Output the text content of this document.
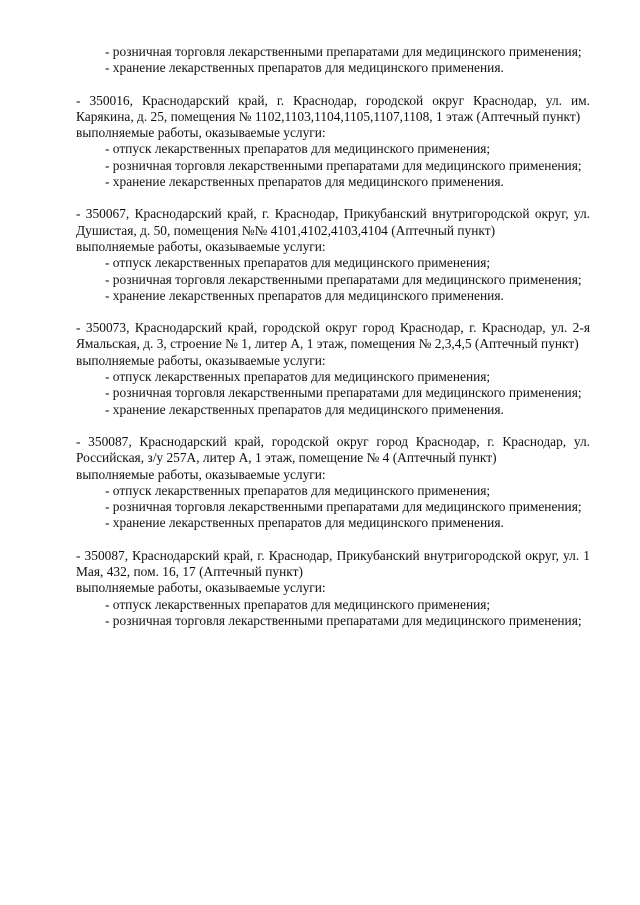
- розничная торговля лекарственными препаратами для медицинского применения;

- хранение лекарственных препаратов для медицинского применения.

- 350016, Краснодарский край, г. Краснодар, городской округ Краснодар, ул. им. Карякина, д. 25, помещения № 1102,1103,1104,1105,1107,1108, 1 этаж (Аптечный пункт)

выполняемые работы, оказываемые услуги:

- отпуск лекарственных препаратов для медицинского применения;

- розничная торговля лекарственными препаратами для медицинского применения;

- хранение лекарственных препаратов для медицинского применения.

- 350067, Краснодарский край, г. Краснодар, Прикубанский внутригородской округ, ул. Душистая, д. 50, помещения №№ 4101,4102,4103,4104 (Аптечный пункт)

выполняемые работы, оказываемые услуги:

- отпуск лекарственных препаратов для медицинского применения;

- розничная торговля лекарственными препаратами для медицинского применения;

- хранение лекарственных препаратов для медицинского применения.

- 350073, Краснодарский край, городской округ город Краснодар, г. Краснодар, ул. 2-я Ямальская, д. 3, строение № 1, литер А, 1 этаж, помещения № 2,3,4,5 (Аптечный пункт)

выполняемые работы, оказываемые услуги:

- отпуск лекарственных препаратов для медицинского применения;

- розничная торговля лекарственными препаратами для медицинского применения;

- хранение лекарственных препаратов для медицинского применения.

- 350087, Краснодарский край, городской округ город Краснодар, г. Краснодар, ул. Российская, з/у 257А, литер А, 1 этаж, помещение № 4 (Аптечный пункт)

выполняемые работы, оказываемые услуги:

- отпуск лекарственных препаратов для медицинского применения;

- розничная торговля лекарственными препаратами для медицинского применения;

- хранение лекарственных препаратов для медицинского применения.

- 350087, Краснодарский край, г. Краснодар, Прикубанский внутригородской округ, ул. 1 Мая, 432, пом. 16, 17 (Аптечный пункт)

выполняемые работы, оказываемые услуги:

- отпуск лекарственных препаратов для медицинского применения;

- розничная торговля лекарственными препаратами для медицинского применения;
